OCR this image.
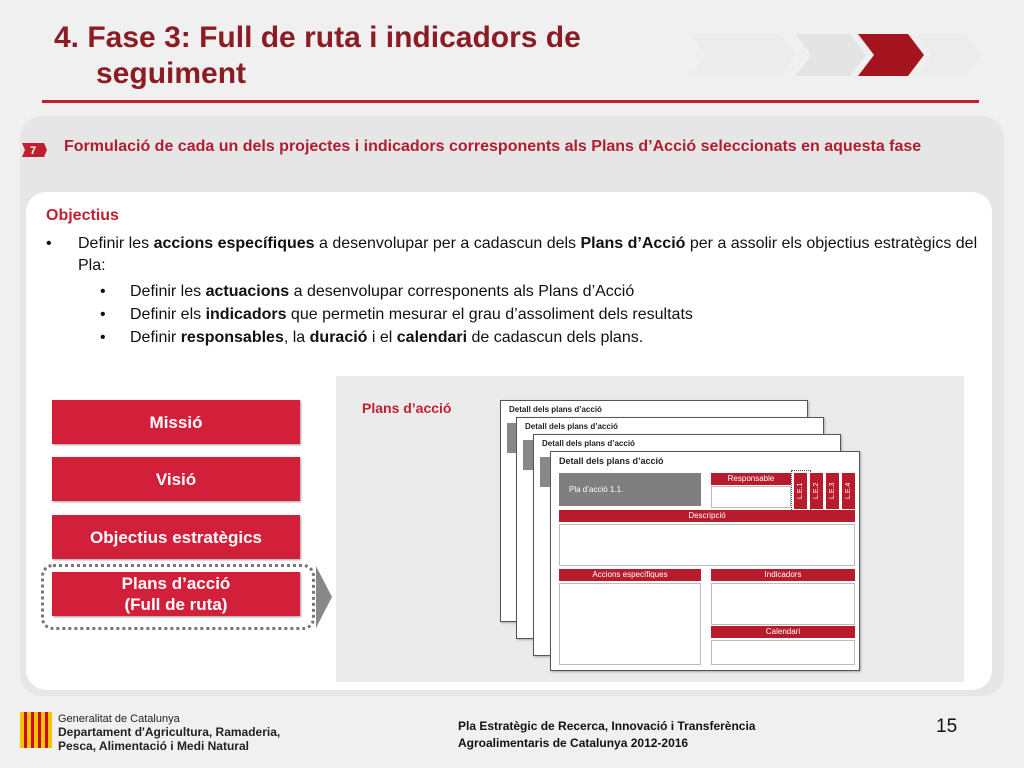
4. Fase 3: Full de ruta i indicadors de
seguiment
7 Formulació de cada un dels projectes i indicadors corresponents als Plans d’Acció seleccionats en aquesta fase
Objectius
• Definir les accions específiques a desenvolupar per a cadascun dels Plans d’Acció per a assolir els objectius estratègics del Pla:
• Definir les actuacions a desenvolupar corresponents als Plans d’Acció
• Definir els indicadors que permetin mesurar el grau d’assoliment dels resultats
• Definir responsables, la duració i el calendari de cadascun dels plans.
Missió
Visió
Objectius estratègics
Plans d’acció
(Full de ruta)
Plans d’acció	Detall dels plans d’acció
Detall dels plans d’acció
Detall dels plans d’acció
Detall dels plans d’acció
Pla d’acció 1.1.
Responsable
L.E.1	L.E.2	L.E.3	L.E.4
Descripció
Accions específiques	Indicadors
Calendari
Generalitat de Catalunya
Departament d'Agricultura, Ramaderia,
Pesca, Alimentació i Medi Natural
Pla Estratègic de Recerca, Innovació i Transferència
Agroalimentaris de Catalunya 2012-2016
15
